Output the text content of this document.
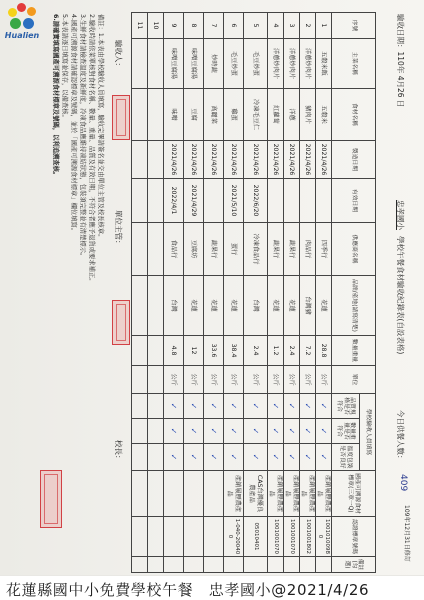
驗收日期：110年 4月26 日
忠孝國小
學校午餐食材驗收紀錄表(自設表格)
今日供餐人數：
409
109年12月31日修訂
序號	主菜名稱	食材名稱	製造日期	有效日期	供應商名稱	品牌/產地(請寫清楚)	數量重量	單位	學校驗收人員填寫			國產可溯源食材標章(三章一Q)	認證標章號碼	備註(勾選)
									品質規格是否符合	數量重量是否符合	溫度包裝是否良好			
1	五穀米飯	五穀米	2021/4/26		四季行	花蓮	28.8	公斤	✓	✓	✓	產銷履歷農產品	10010100980	
2	洋蔥炒肉片	豬肉片	2021/4/26		肉品行	台灣豬	7.2	公斤	✓	✓	✓	產銷履歷農產品	1001001802	
3	洋蔥炒肉片	洋蔥	2021/4/26		蔬果行	花蓮	2.4	公斤	✓	✓	✓	產銷履歷農產品	1001001070	
4	洋蔥炒肉片	紅蘿蔔	2021/4/26		蔬果行	花蓮	1.2	公斤	✓	✓	✓	產銷履歷農產品	1001001070	
5	毛豆炒蛋	冷凍毛豆仁	2021/4/26	2022/6/20	冷凍食品行	台灣	2.4	公斤	✓	✓	✓	CAS台灣優良農產品	05010401	
6	毛豆炒蛋	雞蛋	2021/4/26	2021/5/10	蛋行	花蓮	38.4	公斤	✓	✓	✓	產銷履歷農產品	1-040-200400	
7	炒時蔬	高麗菜	2021/4/26		蔬果行	花蓮	33.6	公斤	✓	✓	✓			
8	味噌豆腐湯	豆腐	2021/4/26	2021/4/29	豆腐坊	花蓮	12	公斤	✓	✓	✓			
9	味噌豆腐湯	味噌	2021/4/26	2022/4/1	食品行	台灣	4.8	公斤	✓	✓	✓			
10														
11														
驗收人：
單位主管：
校長：
備註：1.本表由學校驗收人員填寫，驗收完畢請簽名並交由單位主管及校長核章。
2.驗收時請依菜單核對食材名稱、數量、重量、品質及有效日期，不符合者應予退貨或要求補正。
3.生鮮食材請檢查溫度及新鮮度，冷凍食品應維持凍結狀態，包裝須完整並有清楚標示。
4.國產可溯源食材請確認標章及號碼，並於「國產可溯源食材標章」欄位填寫。
5.本表請逐日填寫並保存，以備查核。
6.請確實填寫國產可溯源食材標章及號碼，以利追溯查核。
Hualien
花蓮縣國中小免費學校午餐　忠孝國小@2021/4/26
